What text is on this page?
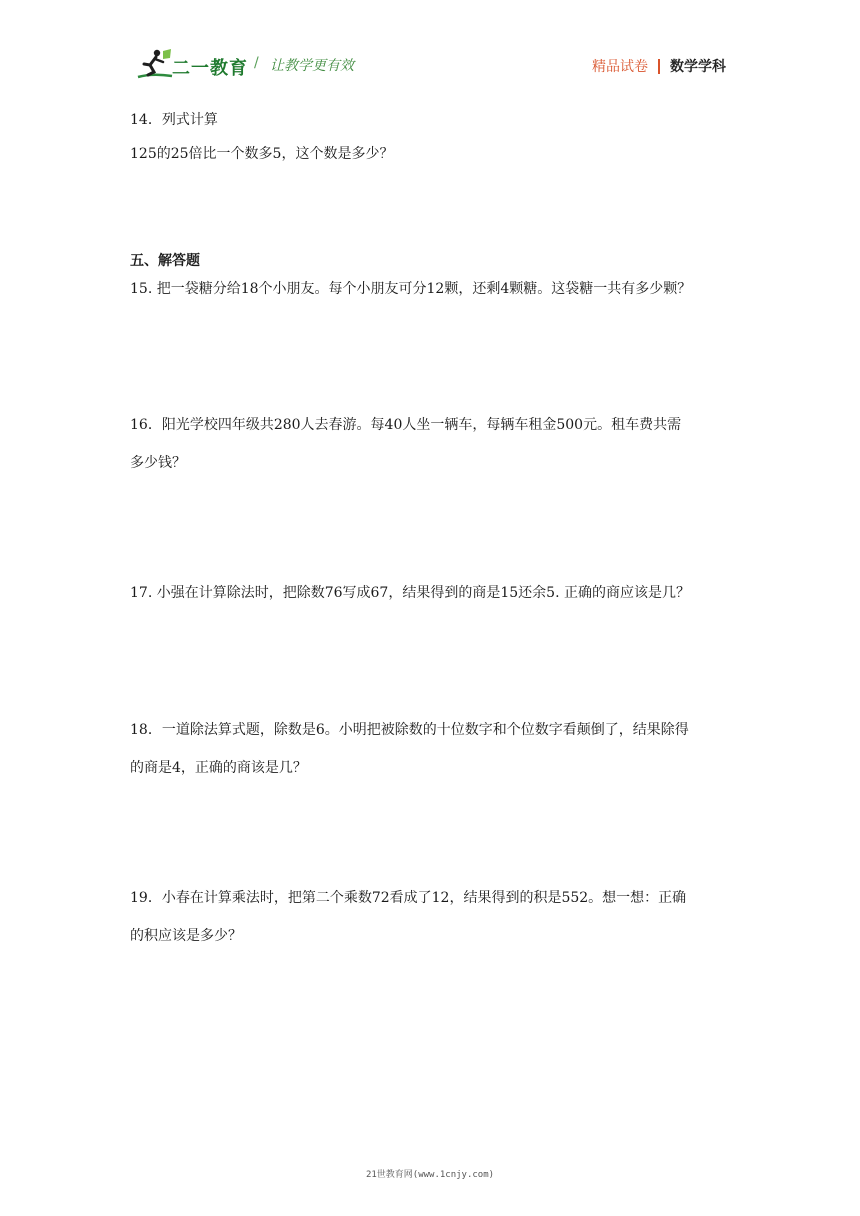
二一教育 / 让教学更有效	精品试卷 数学学科

14．列式计算

125的25倍比一个数多5，这个数是多少？

五、解答题

15. 把一袋糖分给18个小朋友。每个小朋友可分12颗，还剩4颗糖。这袋糖一共有多少颗？

16．阳光学校四年级共280人去春游。每40人坐一辆车，每辆车租金500元。租车费共需

多少钱？

17. 小强在计算除法时，把除数76写成67，结果得到的商是15还余5. 正确的商应该是几？

18．一道除法算式题，除数是6。小明把被除数的十位数字和个位数字看颠倒了，结果除得

的商是4，正确的商该是几？

19．小春在计算乘法时，把第二个乘数72看成了12，结果得到的积是552。想一想：正确

的积应该是多少？

21世教育网(www.1cnjy.com)
